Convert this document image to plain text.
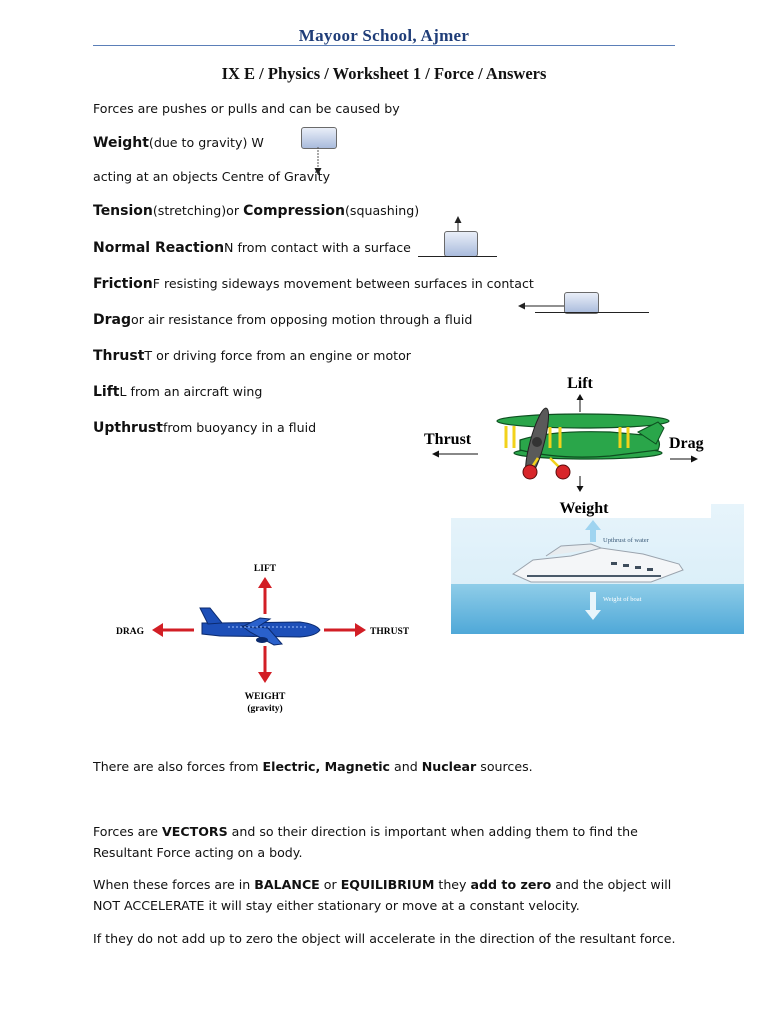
Mayoor School, Ajmer
IX E / Physics / Worksheet 1 / Force / Answers
Forces are pushes or pulls and can be caused by
Weight(due to gravity) W
acting at an objects Centre of Gravity
Tension(stretching)or Compression(squashing)
Normal ReactionN from contact with a surface
FrictionF resisting sideways movement between surfaces in contact
Dragor air resistance from opposing motion through a fluid
ThrustT or driving force from an engine or motor
LiftL from an aircraft wing
Upthrustfrom buoyancy in a fluid
Lift
Thrust	Drag
Weight
Upthrust of water
Weight of boat
LIFT
DRAG	THRUST
WEIGHT
(gravity)
There are also forces from Electric, Magnetic and Nuclear sources.
Forces are VECTORS and so their direction is important when adding them to find the Resultant Force acting on a body.
When these forces are in BALANCE or EQUILIBRIUM they add to zero and the object will NOT ACCELERATE it will stay either stationary or move at a constant velocity.
If they do not add up to zero the object will accelerate in the direction of the resultant force.
